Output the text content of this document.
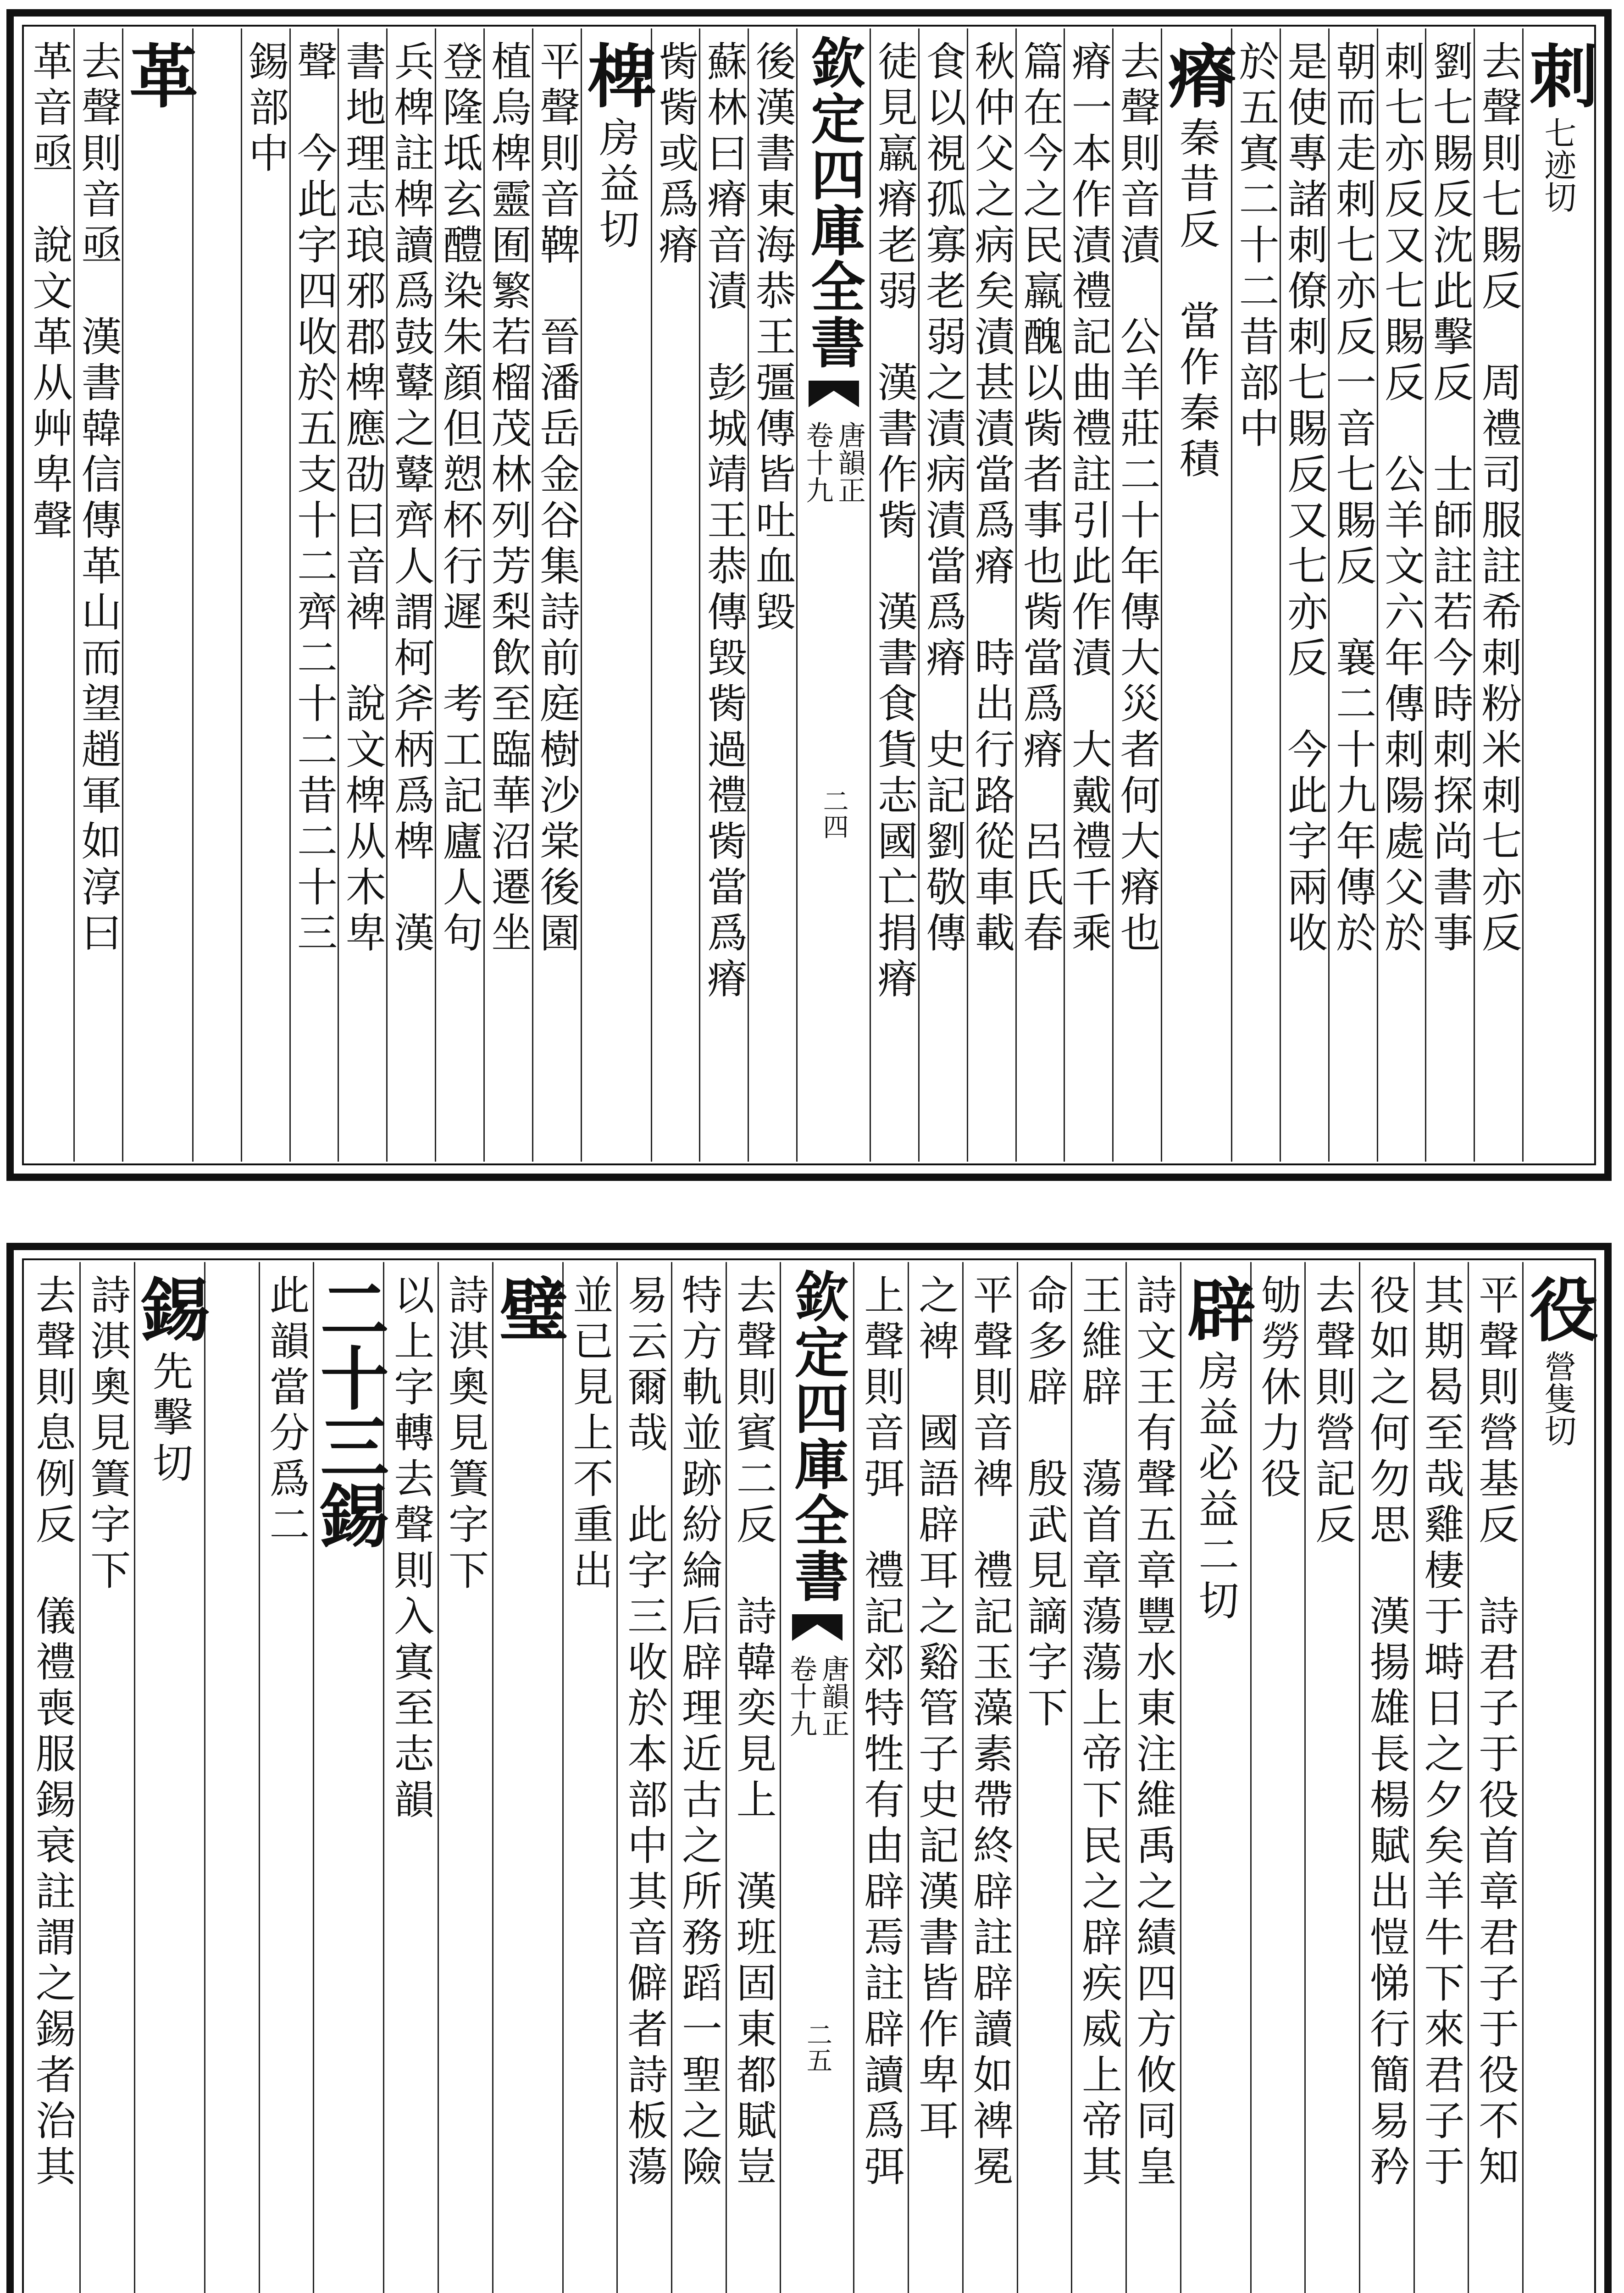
刺
七迹切
去聲則七賜反　周禮司服註希刺粉米刺七亦反
劉七賜反沈此擊反　士師註若今時刺探尚書事
刺七亦反又七賜反　公羊文六年傳刺陽處父於
朝而走刺七亦反一音七賜反　襄二十九年傳於
是使專諸刺僚刺七賜反又七亦反　今此字兩收
於五寘二十二昔部中
瘠
秦昔反　當作秦積
去聲則音漬　公羊莊二十年傳大災者何大瘠也
瘠一本作漬禮記曲禮註引此作漬　大戴禮千乘
篇在今之民羸醜以胔者事也胔當爲瘠　呂氏春
秋仲父之病矣漬甚漬當爲瘠　時出行路從車載
食以視孤寡老弱之漬病漬當爲瘠　史記劉敬傳
徒見羸瘠老弱　漢書作胔　漢書食貨志國亡捐瘠
欽定四庫全書
唐韻正
卷十九
二四
後漢書東海恭王彊傳皆吐血毀
蘇林曰瘠音漬　彭城靖王恭傳毀胔過禮胔當爲瘠
胔胔或爲瘠
椑
房益切
平聲則音鞞　晉潘岳金谷集詩前庭樹沙棠後園
植烏椑靈囿繁若榴茂林列芳梨飲至臨華沼遷坐
登隆坻玄醴染朱顔但愬杯行遲　考工記廬人句
兵椑註椑讀爲鼓鼙之鼙齊人謂柯斧柄爲椑　漢
書地理志琅邪郡椑應劭曰音裨　說文椑从木卑
聲　今此字四收於五支十二齊二十二昔二十三
錫部中
革
去聲則音亟　漢書韓信傳革山而望趙軍如淳曰
革音亟　說文革从艸卑聲
役
營隻切
平聲則營基反　詩君子于役首章君子于役不知
其期曷至哉雞棲于塒日之夕矣羊牛下來君子于
役如之何勿思　漢揚雄長楊賦出愷悌行簡易矜
去聲則營記反
劬勞休力役
辟
房益必益二切
詩文王有聲五章豐水東注維禹之績四方攸同皇
王維辟　蕩首章蕩蕩上帝下民之辟疾威上帝其
命多辟　殷武見謫字下
平聲則音裨　禮記玉藻素帶終辟註辟讀如裨冕
之裨　國語辟耳之谿管子史記漢書皆作卑耳
上聲則音弭　禮記郊特牲有由辟焉註辟讀爲弭
欽定四庫全書
唐韻正
卷十九
二五
去聲則賓二反　詩韓奕見上　漢班固東都賦豈
特方軌並跡紛綸后辟理近古之所務蹈一聖之險
易云爾哉　此字三收於本部中其音僻者詩板蕩
並已見上不重出
璧
詩淇奧見簀字下
以上字轉去聲則入寘至志韻
二十三錫
此韻當分爲二
錫
先擊切
詩淇奧見簀字下
去聲則息例反　儀禮喪服錫衰註謂之錫者治其
